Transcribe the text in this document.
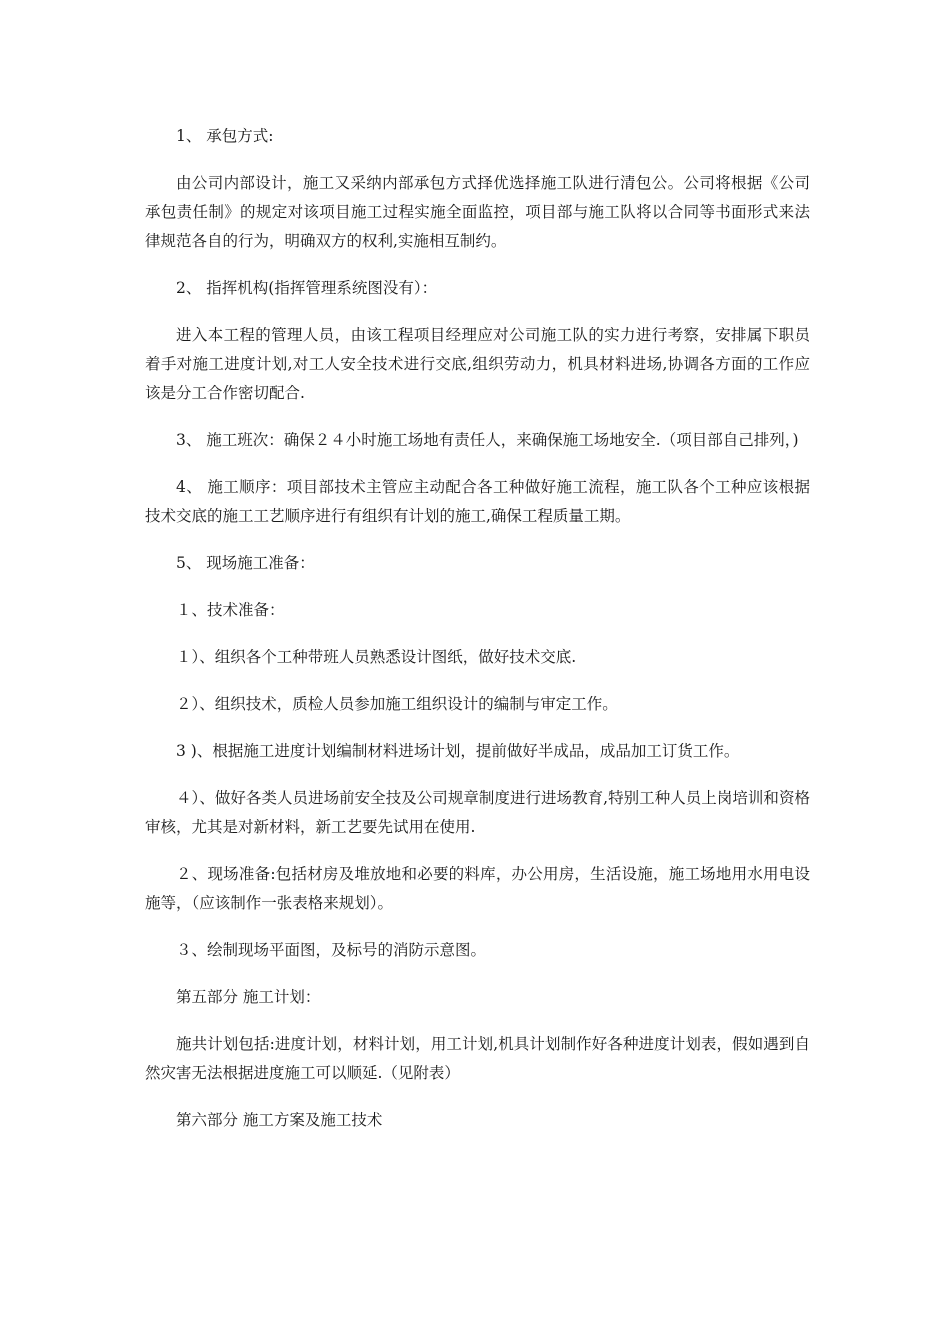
1、 承包方式:

由公司内部设计，施工又采纳内部承包方式择优选择施工队进行清包公。公司将根据《公司承包责任制》的规定对该项目施工过程实施全面监控，项目部与施工队将以合同等书面形式来法律规范各自的行为，明确双方的权利,实施相互制约。

2、 指挥机构(指挥管理系统图没有）：

进入本工程的管理人员，由该工程项目经理应对公司施工队的实力进行考察，安排属下职员着手对施工进度计划,对工人安全技术进行交底,组织劳动力，机具材料进场,协调各方面的工作应该是分工合作密切配合.

3、 施工班次：确保２４小时施工场地有责任人，来确保施工场地安全.（项目部自己排列，)

4、 施工顺序：项目部技术主管应主动配合各工种做好施工流程，施工队各个工种应该根据技术交底的施工工艺顺序进行有组织有计划的施工,确保工程质量工期。

5、 现场施工准备：

１、技术准备：

１）、组织各个工种带班人员熟悉设计图纸，做好技术交底.

２）、组织技术，质检人员参加施工组织设计的编制与审定工作。

3 )、根据施工进度计划编制材料进场计划，提前做好半成品，成品加工订货工作。

４）、做好各类人员进场前安全技及公司规章制度进行进场教育,特别工种人员上岗培训和资格审核，尤其是对新材料，新工艺要先试用在使用.

２、现场准备:包括材房及堆放地和必要的料库，办公用房，生活设施，施工场地用水用电设施等，（应该制作一张表格来规划）。

３、绘制现场平面图，及标号的消防示意图。

第五部分 施工计划：

施共计划包括:进度计划，材料计划，用工计划,机具计划制作好各种进度计划表，假如遇到自然灾害无法根据进度施工可以顺延.（见附表）

第六部分 施工方案及施工技术
